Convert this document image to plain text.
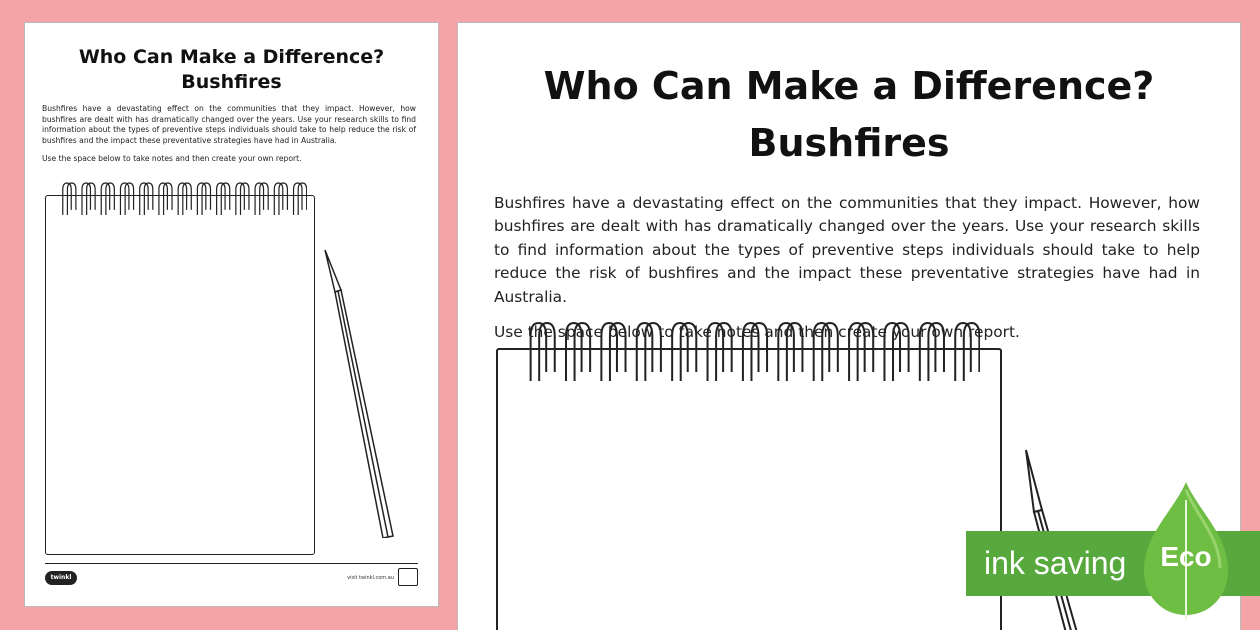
Who Can Make a Difference?
Bushfires

Bushfires have a devastating effect on the communities that they impact. However, how bushfires are dealt with has dramatically changed over the years. Use your research skills to find information about the types of preventive steps individuals should take to help reduce the risk of bushfires and the impact these preventative strategies have had in Australia.

Use the space below to take notes and then create your own report.

twinkl	visit twinkl.com.au
Who Can Make a Difference?
Bushfires

Bushfires have a devastating effect on the communities that they impact. However, how bushfires are dealt with has dramatically changed over the years. Use your research skills to find information about the types of preventive steps individuals should take to help reduce the risk of bushfires and the impact these preventative strategies have had in Australia.

Use the space below to take notes and then create your own report.

ink saving Eco
